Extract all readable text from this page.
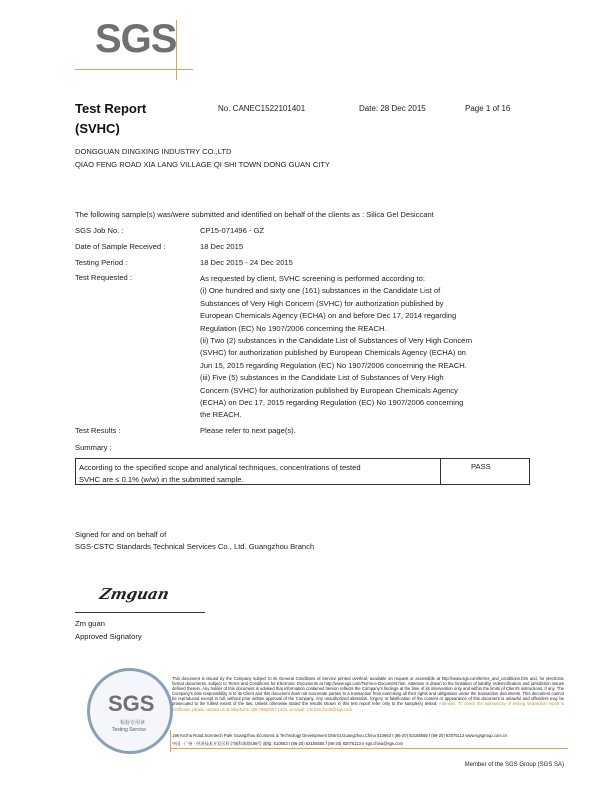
SGS
Test Report
(SVHC)
No. CANEC1522101401	Date: 28 Dec 2015	Page 1 of 16
DONGGUAN DINGXING INDUSTRY CO.,LTD
QIAO FENG ROAD XIA LANG VILLAGE QI SHI TOWN DONG GUAN CITY
The following sample(s) was/were submitted and identified on behalf of the clients as : Silica Gel Desiccant
SGS Job No. :	CP15-071496 - GZ
Date of Sample Received :	18 Dec 2015
Testing Period :	18 Dec 2015 - 24 Dec 2015
Test Requested :	As requested by client, SVHC screening is performed according to:
(i) One hundred and sixty one (161) substances in the Candidate List of
Substances of Very High Concern (SVHC) for authorization published by
European Chemicals Agency (ECHA) on and before Dec 17, 2014 regarding
Regulation (EC) No 1907/2006 concerning the REACH.
(ii) Two (2) substances in the Candidate List of Substances of Very High Concern
(SVHC) for authorization published by European Chemicals Agency (ECHA) on
Jun 15, 2015 regarding Regulation (EC) No 1907/2006 concerning the REACH.
(iii) Five (5) substances in the Candidate List of Substances of Very High
Concern (SVHC) for authorization published by European Chemicals Agency
(ECHA) on Dec 17, 2015 regarding Regulation (EC) No 1907/2006 concerning
the REACH.
Test Results :	Please refer to next page(s).
Summary :
According to the specified scope and analytical techniques, concentrations of tested
SVHC are ≤ 0.1% (w/w) in the submitted sample.
PASS
Signed for and on behalf of
SGS-CSTC Standards Technical Services Co., Ltd. Guangzhou Branch
Zmguan
Zm guan
Approved Signatory
SGS
检验专用章
Testing Service
This document is issued by the Company subject to its General Conditions of Service printed overleaf, available on request or accessible at http://www.sgs.com/terms_and_conditions.htm and, for electronic format documents, subject to Terms and Conditions for Electronic Documents at http://www.sgs.com/Terms-e-Document.htm. Attention is drawn to the limitation of liability, indemnification and jurisdiction issues defined therein. Any holder of this document is advised that information contained hereon reflects the Company's findings at the time of its intervention only and within the limits of Client's instructions, if any. The Company's sole responsibility is to its Client and this document does not exonerate parties to a transaction from exercising all their rights and obligations under the transaction documents. This document cannot be reproduced except in full, without prior written approval of the Company. Any unauthorized alteration, forgery or falsification of the content or appearance of this document is unlawful and offenders may be prosecuted to the fullest extent of the law. Unless otherwise stated the results shown in this test report refer only to the sample(s) tested. Attention: To check the authenticity of testing /inspection report & certificate, please contact us at telephone: (86-755)8307 1443, or email: CN.Doccheck@sgs.com
198 Kezhu Road,Scientech Park Guangzhou Economic & Technology Development District,Guangzhou,China 510663 t (86-20) 82155555 f (86-20) 82075113 www.sgsgroup.com.cn
中国 · 广州 · 经济技术开发区科学城科珠路198号 邮编: 510663 t (86-20) 82155555 f (86-20) 82075113 e sgs.china@sgs.com
Member of the SGS Group (SGS SA)
